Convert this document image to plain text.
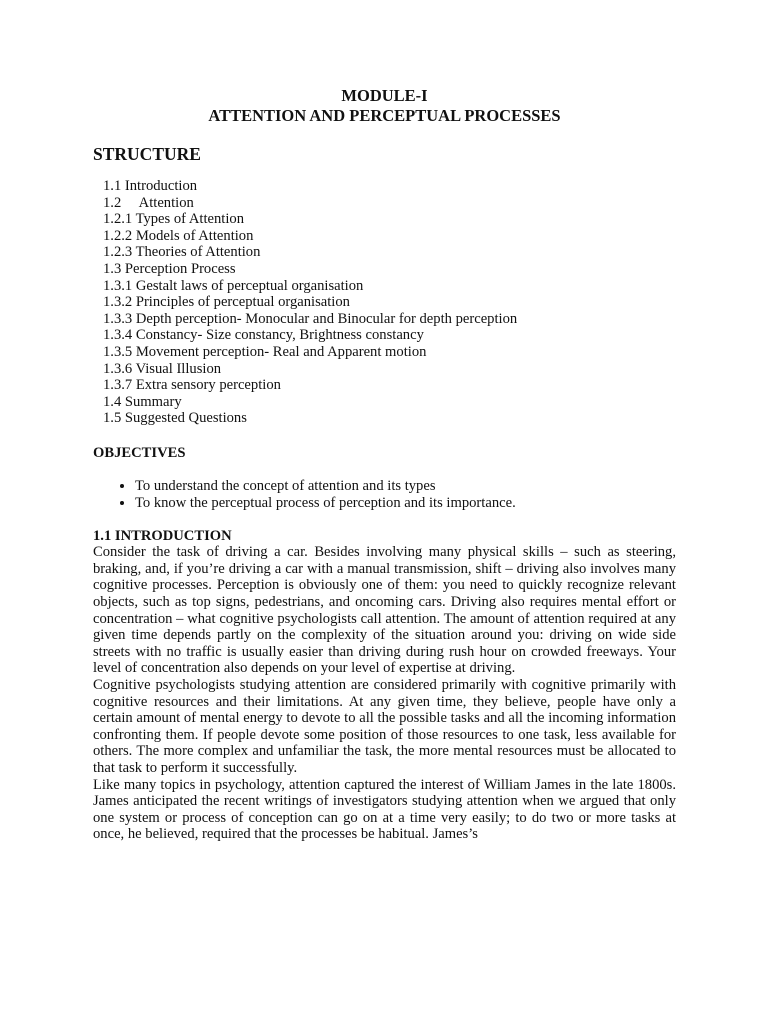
MODULE-I
ATTENTION AND PERCEPTUAL PROCESSES
STRUCTURE
1.1 Introduction
1.2     Attention
1.2.1 Types of Attention
1.2.2 Models of Attention
1.2.3 Theories of Attention
1.3 Perception Process
1.3.1 Gestalt laws of perceptual organisation
1.3.2 Principles of perceptual organisation
1.3.3 Depth perception- Monocular and Binocular for depth perception
1.3.4 Constancy- Size constancy, Brightness constancy
1.3.5 Movement perception- Real and Apparent motion
1.3.6 Visual Illusion
1.3.7 Extra sensory perception
1.4 Summary
1.5 Suggested Questions
OBJECTIVES
• To understand the concept of attention and its types
• To know the perceptual process of perception and its importance.
1.1 INTRODUCTION

Consider the task of driving a car. Besides involving many physical skills – such as steering, braking, and, if you’re driving a car with a manual transmission, shift – driving also involves many cognitive processes. Perception is obviously one of them: you need to quickly recognize relevant objects, such as top signs, pedestrians, and oncoming cars. Driving also requires mental effort or concentration – what cognitive psychologists call attention. The amount of attention required at any given time depends partly on the complexity of the situation around you: driving on wide side streets with no traffic is usually easier than driving during rush hour on crowded freeways. Your level of concentration also depends on your level of expertise at driving.

Cognitive psychologists studying attention are considered primarily with cognitive primarily with cognitive resources and their limitations. At any given time, they believe, people have only a certain amount of mental energy to devote to all the possible tasks and all the incoming information confronting them. If people devote some position of those resources to one task, less available for others. The more complex and unfamiliar the task, the more mental resources must be allocated to that task to perform it successfully.

Like many topics in psychology, attention captured the interest of William James in the late 1800s. James anticipated the recent writings of investigators studying attention when we argued that only one system or process of conception can go on at a time very easily; to do two or more tasks at once, he believed, required that the processes be habitual. James’s
